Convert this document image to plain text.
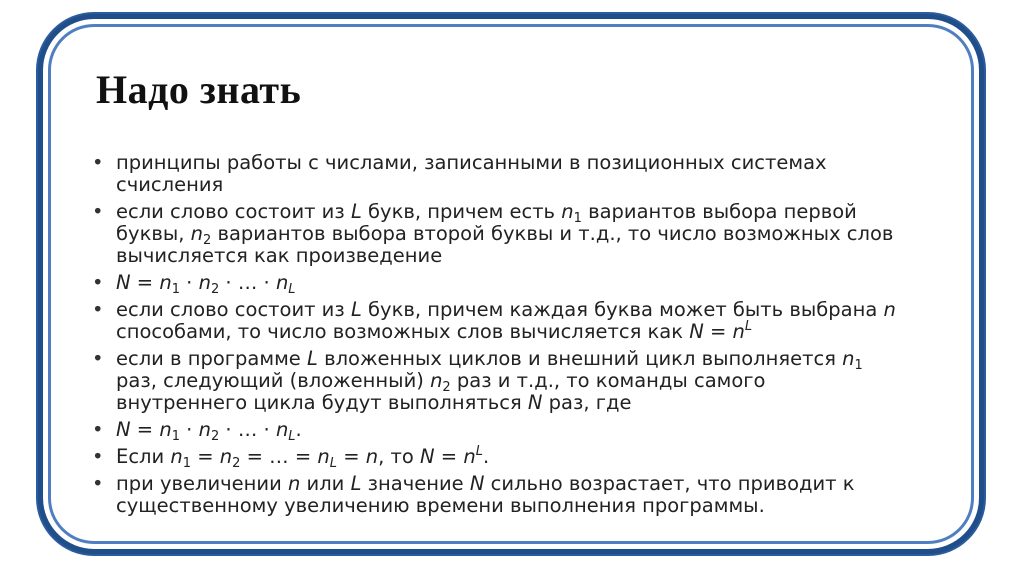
Надо знать
• принципы работы с числами, записанными в позиционных системах счисления
• если слово состоит из L букв, причем есть $n_1$ вариантов выбора первой буквы, $n_2$ вариантов выбора второй буквы и т.д., то число возможных слов вычисляется как произведение
• $N = n_1 \cdot n_2$ · … · $n_L$
• если слово состоит из L букв, причем каждая буква может быть выбрана n способами, то число возможных слов вычисляется как $N = n^L$
• если в программе L вложенных циклов и внешний цикл выполняется $n_1$ раз, следующий (вложенный) $n_2$ раз и т.д., то команды самого внутреннего цикла будут выполняться N раз, где
• $N = n_1 \cdot n_2$ · … · $n_L$.
• Если $n_1 = n_2$ = … = $n_L = n$, то $N = n^L$.
• при увеличении n или L значение N сильно возрастает, что приводит к существенному увеличению времени выполнения программы.
